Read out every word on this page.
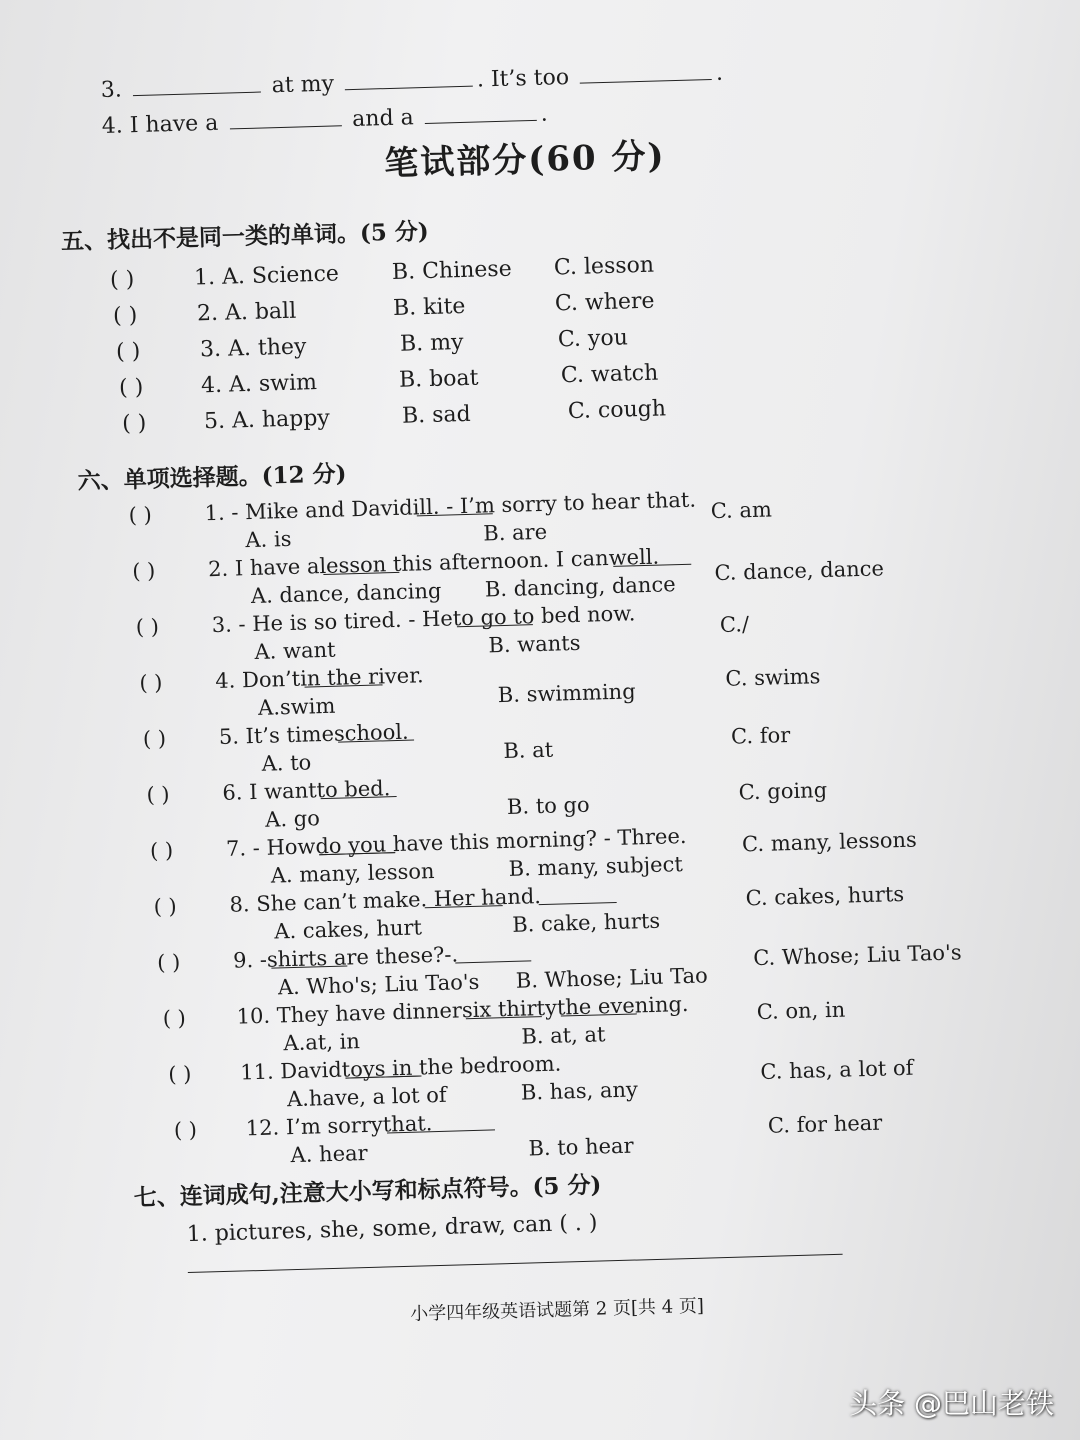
3.	at my	. It’s too	.
4. I have a	and a	.
笔试部分(60 分)
五、找出不是同一类的单词。(5 分)
( )	1. A. Science B. Chinese C. lesson
( )	2. A. ball	B. kite	C. where
( )	3. A. they	B. my	C. you
( )	4. A. swim	B. boat	C. watch
( )	5. A. happy	B. sad	C. cough
六、单项选择题。(12 分)
( ) 1. - Mike and David
ill. - I’m sorry to hear that.
A. is	B. are
C. am
( ) 2. I have a
lesson this afternoon. I can
well.
A. dance, dancing B. dancing, dance
C. dance, dance
( ) 3. - He is so tired. - He
to go to bed now.
A. want	B. wants
C./
( ) 4. Don’t
in the river.
A.swim	B. swimming
C. swims
( ) 5. It’s time
school.
A. to
B. at
C. for
( ) 6. I want
to bed.
A. go	B. to go
C. going
( ) 7. - How
do you have this morning? - Three.
A. many, lesson	B. many, subject
C. many, lessons
( ) 8. She can’t make
. Her hand
.
A. cakes, hurt	B. cake, hurts
C. cakes, hurts
( ) 9. -
shirts are these?-
.
A. Who's; Liu Tao's B. Whose; Liu Tao
C. Whose; Liu Tao's
( ) 10. They have dinner
six thirty
the evening.
A.at, in	B. at, at
C. on, in
( ) 11. David
toys in the bedroom.
A.have, a lot of	B. has, any
C. has, a lot of
( ) 12. I’m sorry
that.
A. hear	B. to hear
C. for hear
七、连词成句,注意大小写和标点符号。(5 分)
1. pictures, she, some, draw, can ( . )
小学四年级英语试题第 2 页[共 4 页]
头条 @巴山老铁
